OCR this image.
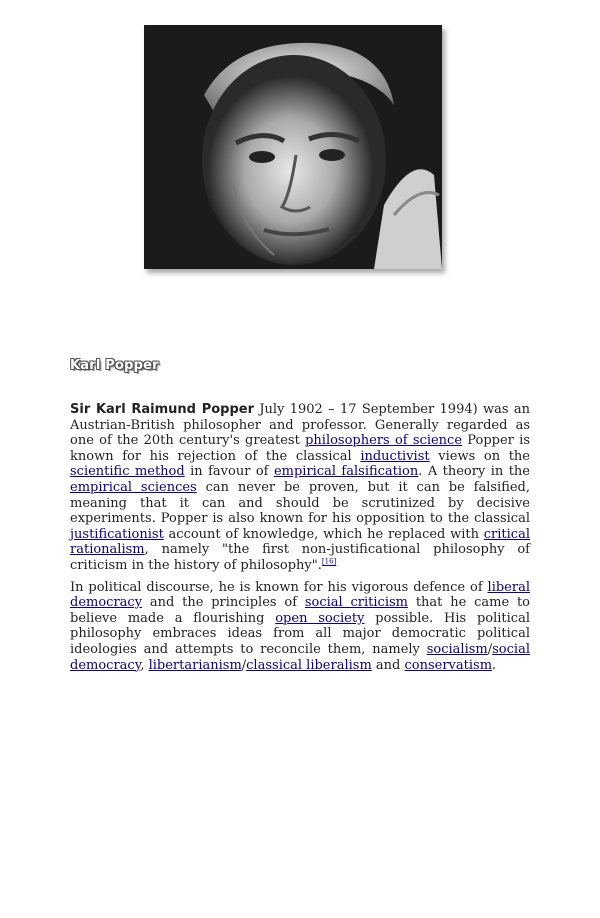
Karl Popper

Sir Karl Raimund Popper July 1902 – 17 September 1994) was an Austrian-British philosopher and professor. Generally regarded as one of the 20th century's greatest philosophers of science Popper is known for his rejection of the classical inductivist views on the scientific method in favour of empirical falsification. A theory in the empirical sciences can never be proven, but it can be falsified, meaning that it can and should be scrutinized by decisive experiments. Popper is also known for his opposition to the classical justificationist account of knowledge, which he replaced with critical rationalism, namely "the first non-justificational philosophy of criticism in the history of philosophy".[16]

In political discourse, he is known for his vigorous defence of liberal democracy and the principles of social criticism that he came to believe made a flourishing open society possible. His political philosophy embraces ideas from all major democratic political ideologies and attempts to reconcile them, namely socialism/social democracy, libertarianism/classical liberalism and conservatism.
